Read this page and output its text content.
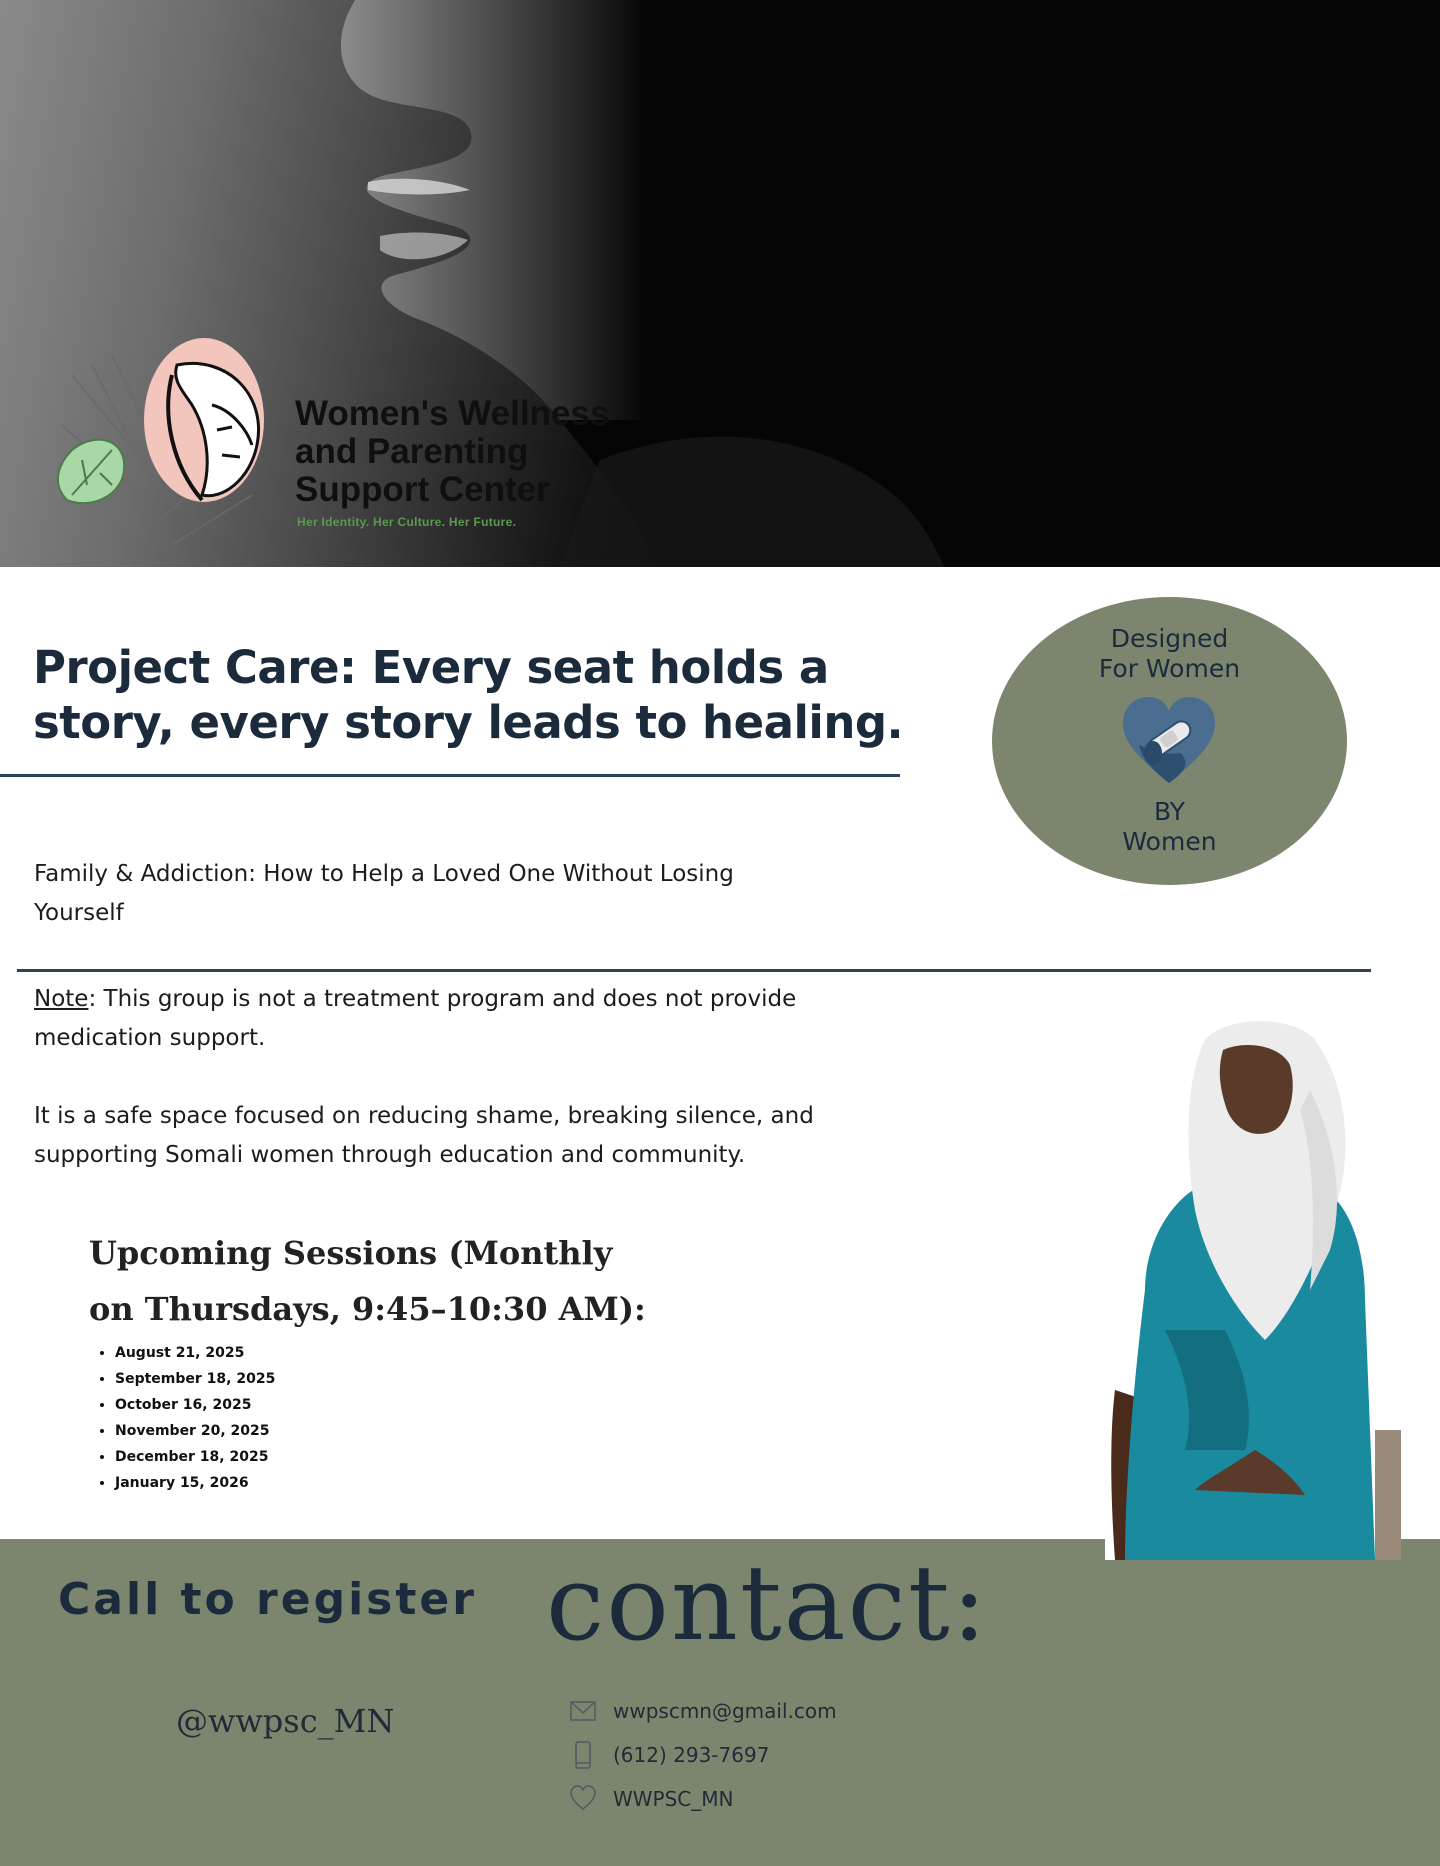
Women's Wellness
and Parenting
Support Center
Her Identity. Her Culture. Her Future.
Project Care: Every seat holds a story, every story leads to healing.
Designed
For Women
BY
Women

Family & Addiction: How to Help a Loved One Without Losing Yourself

Note: This group is not a treatment program and does not provide medication support.

It is a safe space focused on reducing shame, breaking silence, and supporting Somali women through education and community.

Upcoming Sessions (Monthly on Thursdays, 9:45–10:30 AM):
• August 21, 2025
• September 18, 2025
• October 16, 2025
• November 20, 2025
• December 18, 2025
• January 15, 2026
Call to register contact:
@wwpsc_MN	wwpscmn@gmail.com
(612) 293-7697
WWPSC_MN
